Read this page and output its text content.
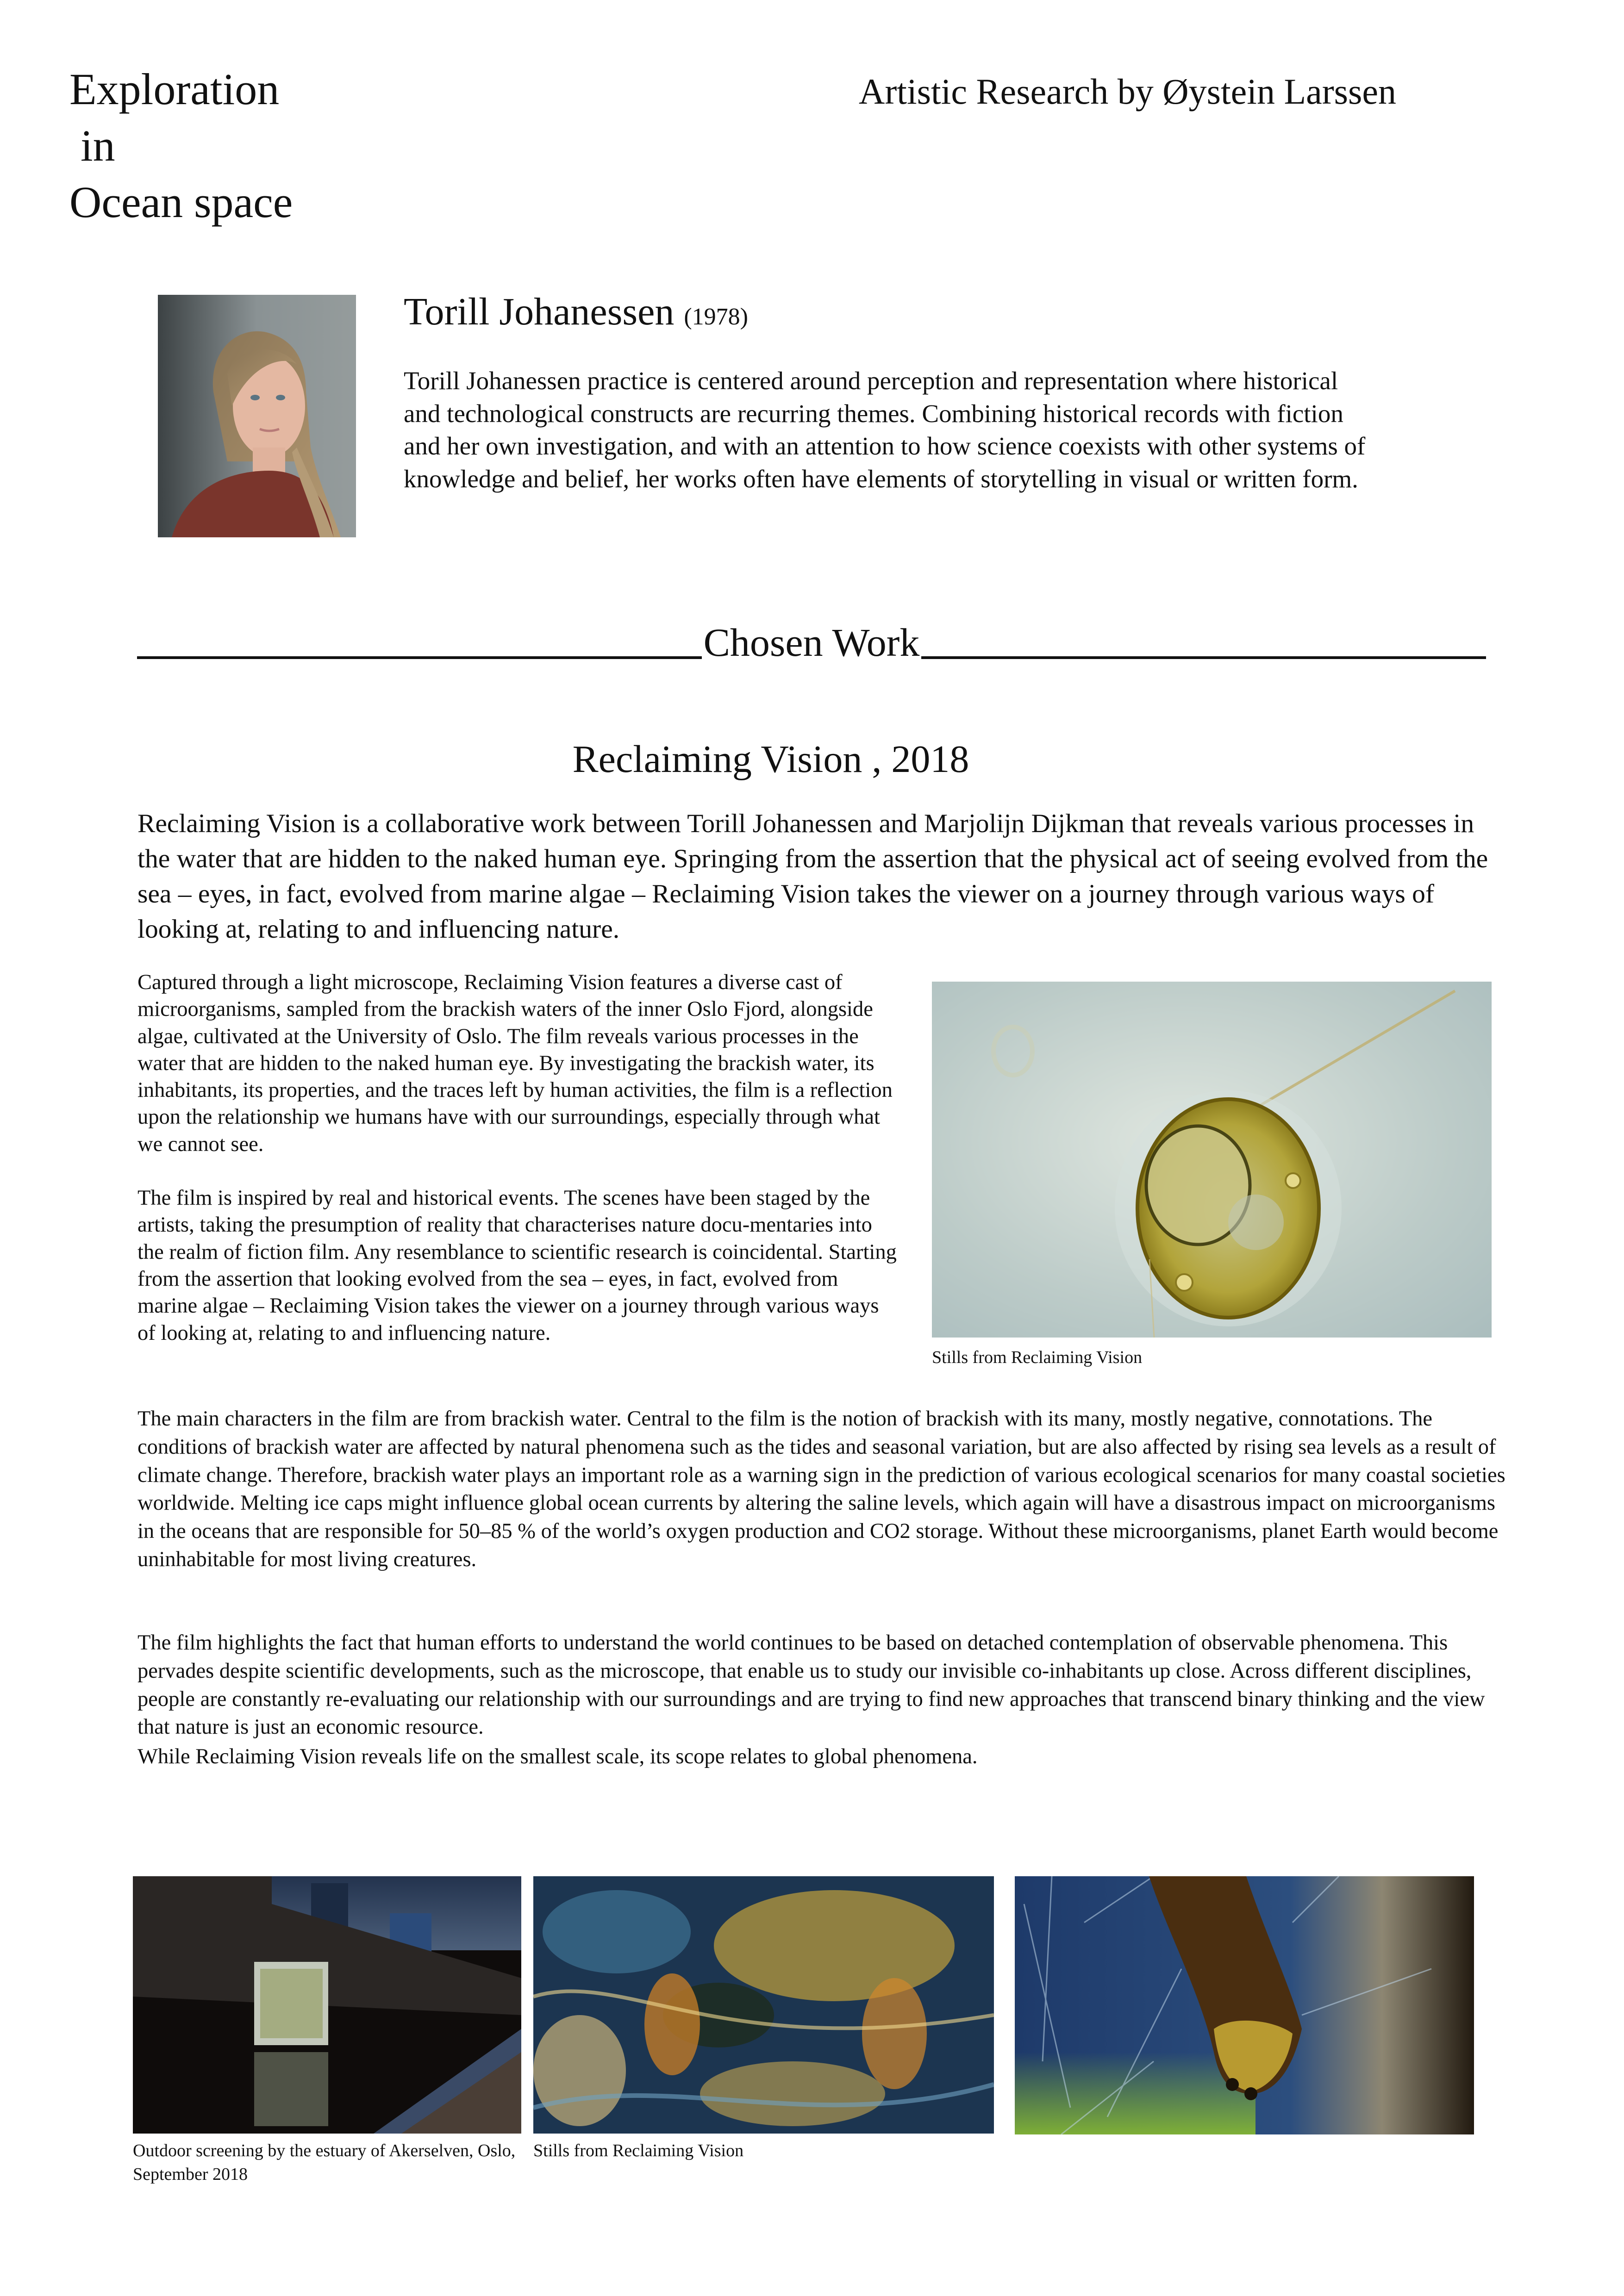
Exploration
in
Ocean space
Artistic Research by Øystein Larssen
Torill Johanessen (1978)
Torill Johanessen practice is centered around perception and representation where historical and technological constructs are recurring themes. Combining historical records with fiction and her own investigation, and with an attention to how science coexists with other systems of knowledge and belief, her works often have elements of storytelling in visual or written form.
Chosen Work
Reclaiming Vision , 2018
Reclaiming Vision is a collaborative work between Torill Johanessen and Marjolijn Dijkman that reveals various processes in the water that are hidden to the naked human eye. Springing from the assertion that the physical act of seeing evolved from the sea – eyes, in fact, evolved from marine algae – Reclaiming Vision takes the viewer on a journey through various ways of looking at, relating to and influencing nature.

Captured through a light microscope, Reclaiming Vision features a diverse cast of microorganisms, sampled from the brackish waters of the inner Oslo Fjord, alongside algae, cultivated at the University of Oslo. The film reveals various processes in the water that are hidden to the naked human eye. By investigating the brackish water, its inhabitants, its properties, and the traces left by human activities, the film is a reflection upon the relationship we humans have with our surroundings, especially through what we cannot see.

The film is inspired by real and historical events. The scenes have been staged by the artists, taking the presumption of reality that characterises nature docu-mentaries into the realm of fiction film. Any resemblance to scientific research is coincidental. Starting from the assertion that looking evolved from the sea – eyes, in fact, evolved from marine algae – Reclaiming Vision takes the viewer on a journey through various ways of looking at, relating to and influencing nature.

Stills from Reclaiming Vision

The main characters in the film are from brackish water. Central to the film is the notion of brackish with its many, mostly negative, connotations. The conditions of brackish water are affected by natural phenomena such as the tides and seasonal variation, but are also affected by rising sea levels as a result of climate change. Therefore, brackish water plays an important role as a warning sign in the prediction of various ecological scenarios for many coastal societies worldwide. Melting ice caps might influence global ocean currents by altering the saline levels, which again will have a disastrous impact on microorganisms in the oceans that are responsible for 50–85 % of the world’s oxygen production and CO2 storage. Without these microorganisms, planet Earth would become uninhabitable for most living creatures.

The film highlights the fact that human efforts to understand the world continues to be based on detached contemplation of observable phenomena. This pervades despite scientific developments, such as the microscope, that enable us to study our invisible co-inhabitants up close. Across different disciplines, people are constantly re-evaluating our relationship with our surroundings and are trying to find new approaches that transcend binary thinking and the view that nature is just an economic resource.

While Reclaiming Vision reveals life on the smallest scale, its scope relates to global phenomena.

Outdoor screening by the estuary of Akerselven, Oslo, September 2018
Stills from Reclaiming Vision
